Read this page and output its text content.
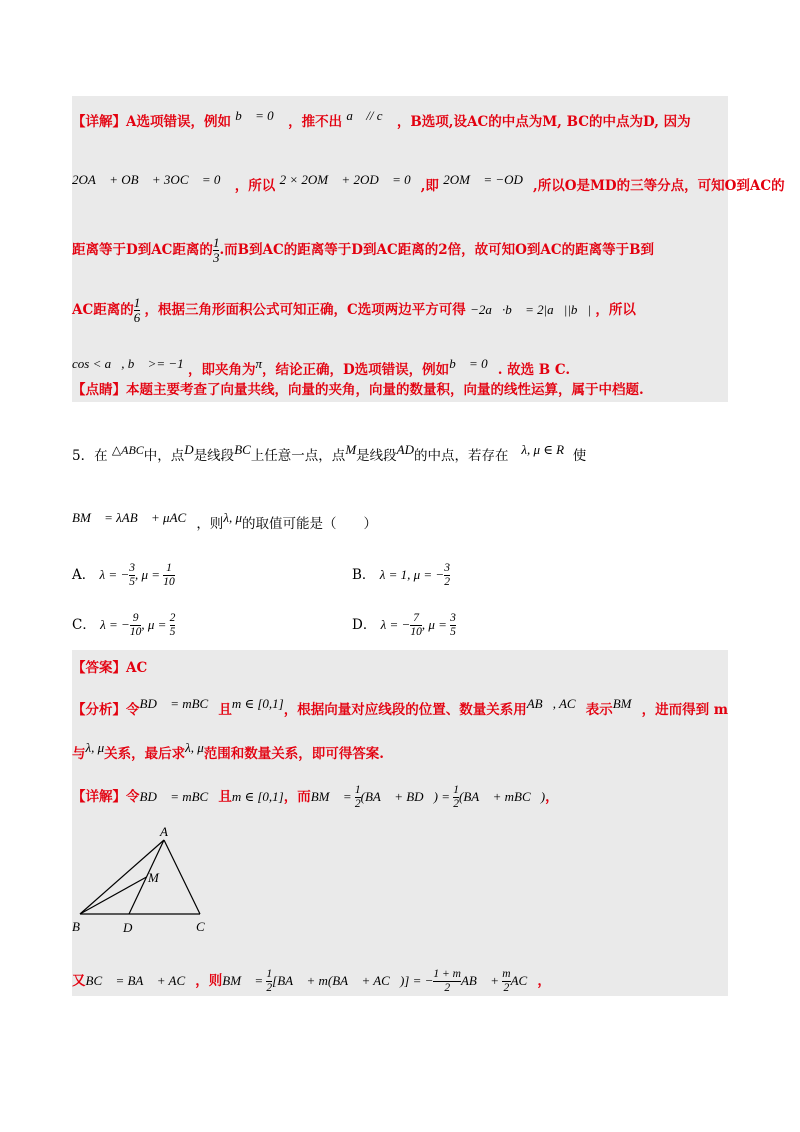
【详解】A选项错误，例如 b⃗ = 0⃗ ，推不出 a⃗ // c⃗ ，B选项,设AC的中点为M, BC的中点为D, 因为
2OA⃗ + OB⃗ + 3OC⃗ = 0⃗ ，所以 2 × 2OM⃗ + 2OD⃗ = 0⃗,即 2OM⃗ = −OD⃗,所以O是MD的三等分点，可知O到AC的
距离等于D到AC距离的 $\frac{1}{3}$ .而B到AC的距离等于D到AC距离的2倍，故可知O到AC的距离等于B到
AC距离的 $\frac{1}{6}$ ，根据三角形面积公式可知正确，C选项两边平方可得 −2a⃗·b⃗ = 2|a⃗||b⃗| ，所以
cos < a⃗, b⃗ >= −1 ，即夹角为π，结论正确，D选项错误，例如b⃗ = 0⃗. 故选 B C.
【点睛】本题主要考查了向量共线，向量的夹角，向量的数量积，向量的线性运算，属于中档题.
5．在 △ABC中，点D是线段BC上任意一点，点M是线段AD的中点，若存在 λ, μ ∈ R 使
BM⃗ = λAB⃗ + μAC⃗，则λ, μ的取值可能是（　　）
A． λ = − $\frac{3}{5}$ , $\mu = \frac{1}{10}$	B． λ = 1, μ = − $\frac{3}{2}$
C． λ = − $\frac{9}{10}$ , $\mu = \frac{2}{5}$	D． λ = − $\frac{7}{10}$ , $\mu = \frac{3}{5}$
【答案】AC
【分析】令BD⃗ = mBC⃗且m ∈ [0,1]，根据向量对应线段的位置、数量关系用AB⃗, AC⃗表示BM⃗，进而得到 m
与λ, μ关系，最后求λ, μ范围和数量关系，即可得答案.
【详解】令BD⃗ = mBC⃗且m ∈ [0,1]，而BM⃗ = $\frac{1}{2}$ (BA⃗ + BD⃗) = $\frac{1}{2}$ (BA⃗ + mBC⃗)，
A
B	C
D
M
又BC⃗ = BA⃗ + AC⃗，则BM⃗ = $\frac{1}{2}$ [BA⃗ + m(BA⃗ + AC⃗)] = − $\frac{1 + m}{2}$ AB⃗ + $\frac{m}{2}$ AC⃗，
